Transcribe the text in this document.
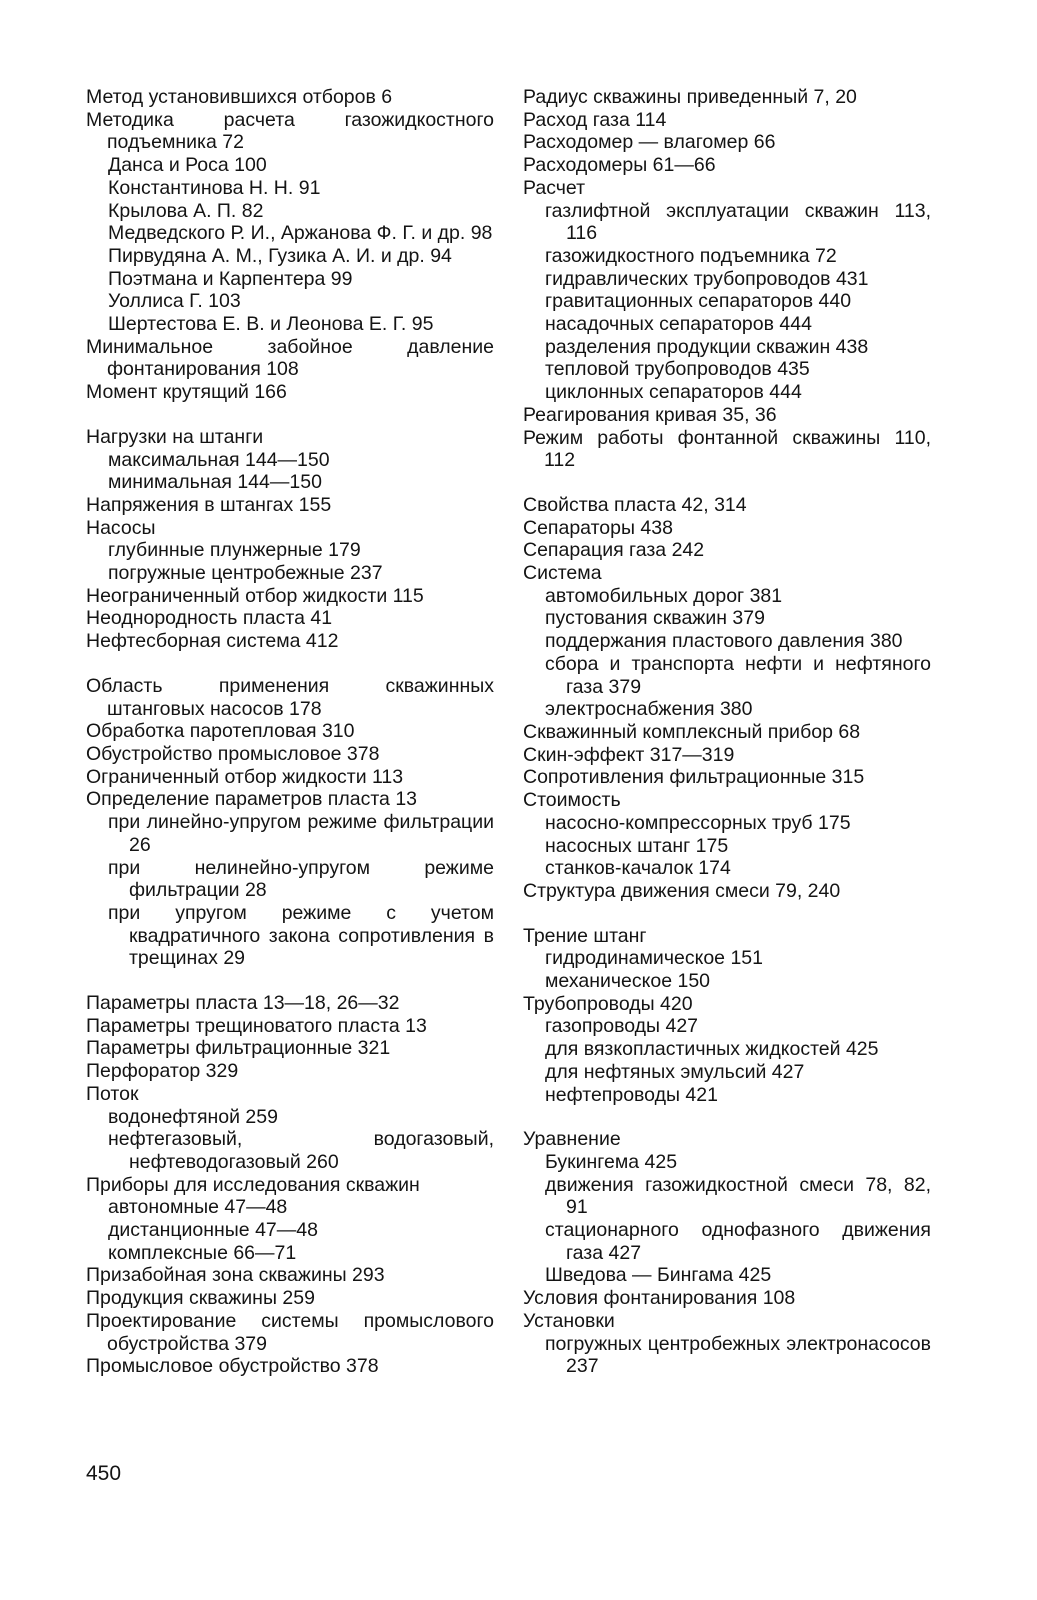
Метод установившихся отборов 6
Методика расчета газожидкостного подъемника 72
Данса и Роса 100
Константинова Н. Н. 91
Крылова А. П. 82
Медведского Р. И., Аржанова Ф. Г. и др. 98
Пирвудяна А. М., Гузика А. И. и др. 94
Поэтмана и Карпентера 99
Уоллиса Г. 103
Шертестова Е. В. и Леонова Е. Г. 95
Минимальное забойное давление фонтанирования 108
Момент крутящий 166
Нагрузки на штанги
максимальная 144—150
минимальная 144—150
Напряжения в штангах 155
Насосы
глубинные плунжерные 179
погружные центробежные 237
Неограниченный отбор жидкости 115
Неоднородность пласта 41
Нефтесборная система 412
Область применения скважинных штанговых насосов 178
Обработка паротепловая 310
Обустройство промысловое 378
Ограниченный отбор жидкости 113
Определение параметров пласта 13
при линейно-упругом режиме фильтрации 26
при нелинейно-упругом режиме фильтрации 28
при упругом режиме с учетом квадратичного закона сопротивления в трещинах 29
Параметры пласта 13—18, 26—32
Параметры трещиноватого пласта 13
Параметры фильтрационные 321
Перфоратор 329
Поток
водонефтяной 259
нефтегазовый, водогазовый, нефтеводогазовый 260
Приборы для исследования скважин
автономные 47—48
дистанционные 47—48
комплексные 66—71
Призабойная зона скважины 293
Продукция скважины 259
Проектирование системы промыслового обустройства 379
Промысловое обустройство 378
Радиус скважины приведенный 7, 20
Расход газа 114
Расходомер — влагомер 66
Расходомеры 61—66
Расчет
газлифтной эксплуатации скважин 113, 116
газожидкостного подъемника 72
гидравлических трубопроводов 431
гравитационных сепараторов 440
насадочных сепараторов 444
разделения продукции скважин 438
тепловой трубопроводов 435
циклонных сепараторов 444
Реагирования кривая 35, 36
Режим работы фонтанной скважины 110, 112
Свойства пласта 42, 314
Сепараторы 438
Сепарация газа 242
Система
автомобильных дорог 381
пустования скважин 379
поддержания пластового давления 380
сбора и транспорта нефти и нефтяного газа 379
электроснабжения 380
Скважинный комплексный прибор 68
Скин-эффект 317—319
Сопротивления фильтрационные 315
Стоимость
насосно-компрессорных труб 175
насосных штанг 175
станков-качалок 174
Структура движения смеси 79, 240
Трение штанг
гидродинамическое 151
механическое 150
Трубопроводы 420
газопроводы 427
для вязкопластичных жидкостей 425
для нефтяных эмульсий 427
нефтепроводы 421
Уравнение
Букингема 425
движения газожидкостной смеси 78, 82, 91
стационарного однофазного движения газа 427
Шведова — Бингама 425
Условия фонтанирования 108
Установки
погружных центробежных электронасосов 237
450
